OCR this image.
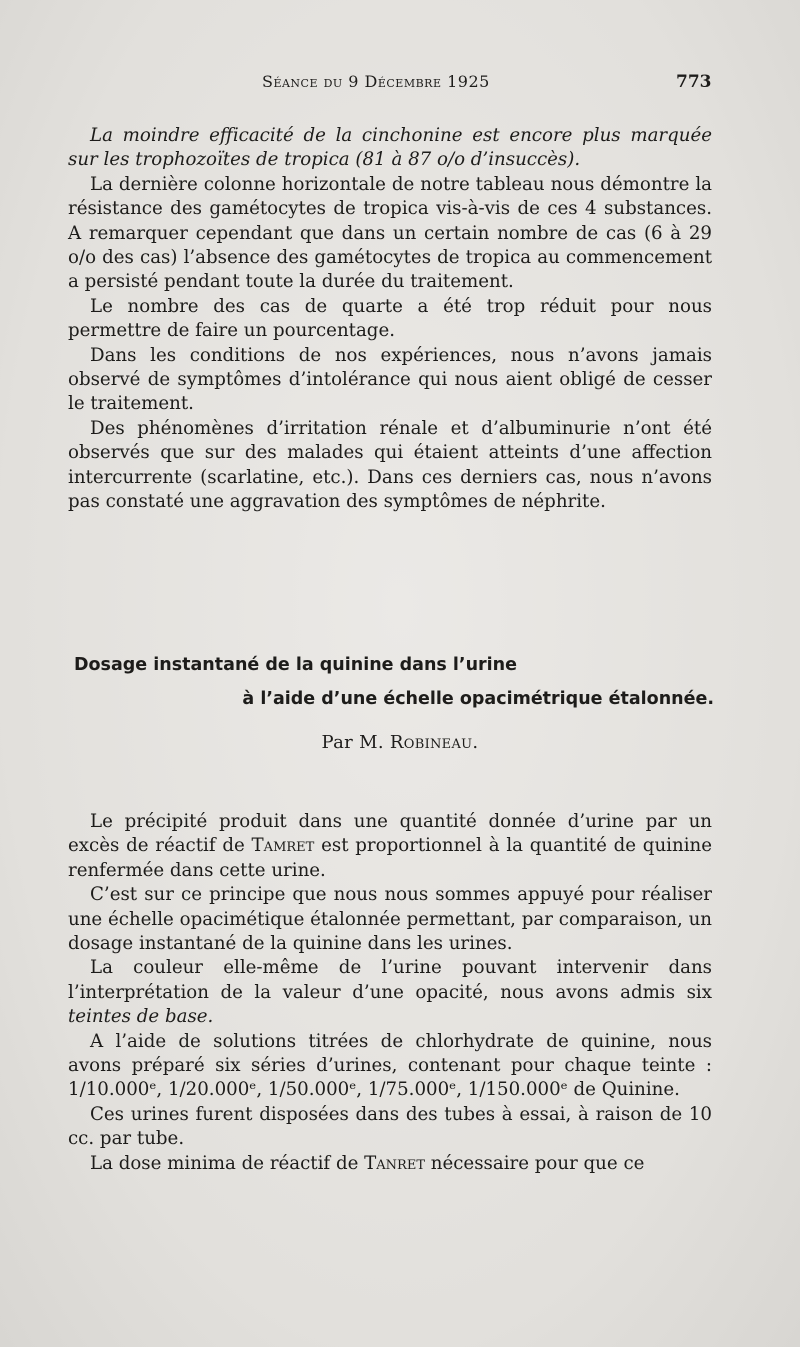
Séance du 9 Décembre 1925	773

La moindre efficacité de la cinchonine est encore plus marquée sur les trophozoïtes de tropica (81 à 87 o/o d’insuccès).

La dernière colonne horizontale de notre tableau nous démontre la résistance des gamétocytes de tropica vis-à-vis de ces 4 substances. A remarquer cependant que dans un certain nombre de cas (6 à 29 o/o des cas) l’absence des gamétocytes de tropica au commencement a persisté pendant toute la durée du traitement.

Le nombre des cas de quarte a été trop réduit pour nous permettre de faire un pourcentage.

Dans les conditions de nos expériences, nous n’avons jamais observé de symptômes d’intolérance qui nous aient obligé de cesser le traitement.

Des phénomènes d’irritation rénale et d’albuminurie n’ont été observés que sur des malades qui étaient atteints d’une affection intercurrente (scarlatine, etc.). Dans ces derniers cas, nous n’avons pas constaté une aggravation des symptômes de néphrite.

Dosage instantané de la quinine dans l’urine
à l’aide d’une échelle opacimétrique étalonnée.
Par M. Robineau.

Le précipité produit dans une quantité donnée d’urine par un excès de réactif de Tamret est proportionnel à la quantité de quinine renfermée dans cette urine.

C’est sur ce principe que nous nous sommes appuyé pour réaliser une échelle opacimétique étalonnée permettant, par comparaison, un dosage instantané de la quinine dans les urines.

La couleur elle-même de l’urine pouvant intervenir dans l’interprétation de la valeur d’une opacité, nous avons admis six teintes de base.

A l’aide de solutions titrées de chlorhydrate de quinine, nous avons préparé six séries d’urines, contenant pour chaque teinte : 1/10.000ᵉ, 1/20.000ᵉ, 1/50.000ᵉ, 1/75.000ᵉ, 1/150.000ᵉ de Quinine.

Ces urines furent disposées dans des tubes à essai, à raison de 10 cc. par tube.

La dose minima de réactif de Tanret nécessaire pour que ce
